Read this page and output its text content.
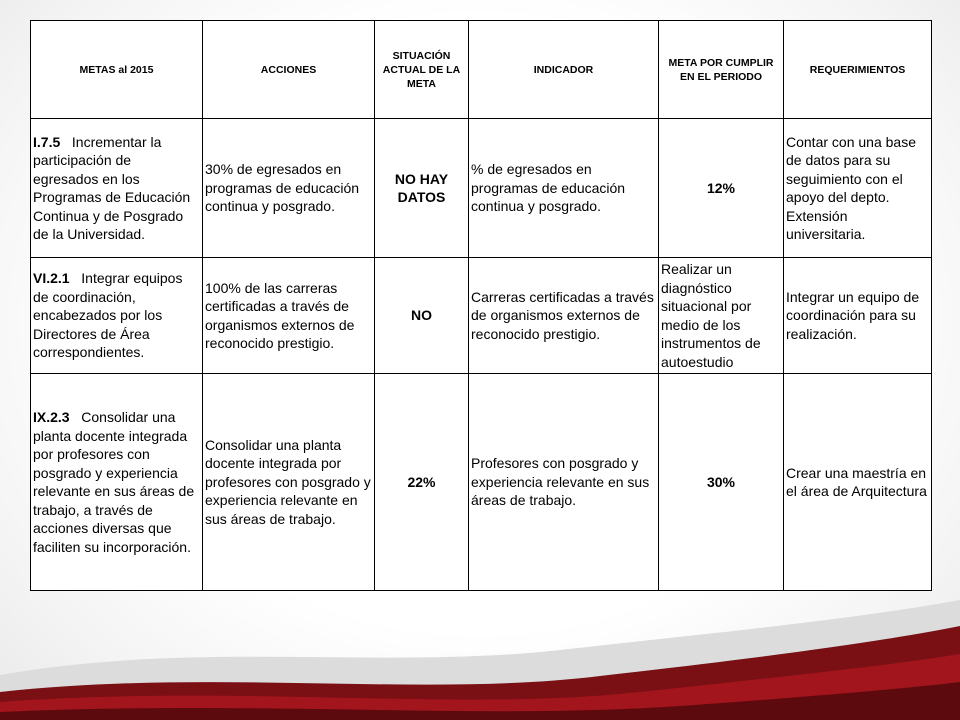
METAS al 2015	ACCIONES	SITUACIÓN ACTUAL DE LA META	INDICADOR	META POR CUMPLIR EN EL PERIODO	REQUERIMIENTOS
I.7.5 Incrementar la participación de egresados en los Programas de Educación Continua y de Posgrado de la Universidad.	30% de egresados en programas de educación continua y posgrado.	NO HAY DATOS	% de egresados en programas de educación continua y posgrado.	12%	Contar con una base de datos para su seguimiento con el apoyo del depto. Extensión universitaria.
VI.2.1 Integrar equipos de coordinación, encabezados por los Directores de Área correspondientes.	100% de las carreras certificadas a través de organismos externos de reconocido prestigio.	NO	Carreras certificadas a través de organismos externos de reconocido prestigio.	Realizar un diagnóstico situacional por medio de los instrumentos de autoestudio	Integrar un equipo de coordinación para su realización.
IX.2.3 Consolidar una planta docente integrada por profesores con posgrado y experiencia relevante en sus áreas de trabajo, a través de acciones diversas que faciliten su incorporación.	Consolidar una planta docente integrada por profesores con posgrado y experiencia relevante en sus áreas de trabajo.	22%	Profesores con posgrado y experiencia relevante en sus áreas de trabajo.	30%	Crear una maestría en el área de Arquitectura
